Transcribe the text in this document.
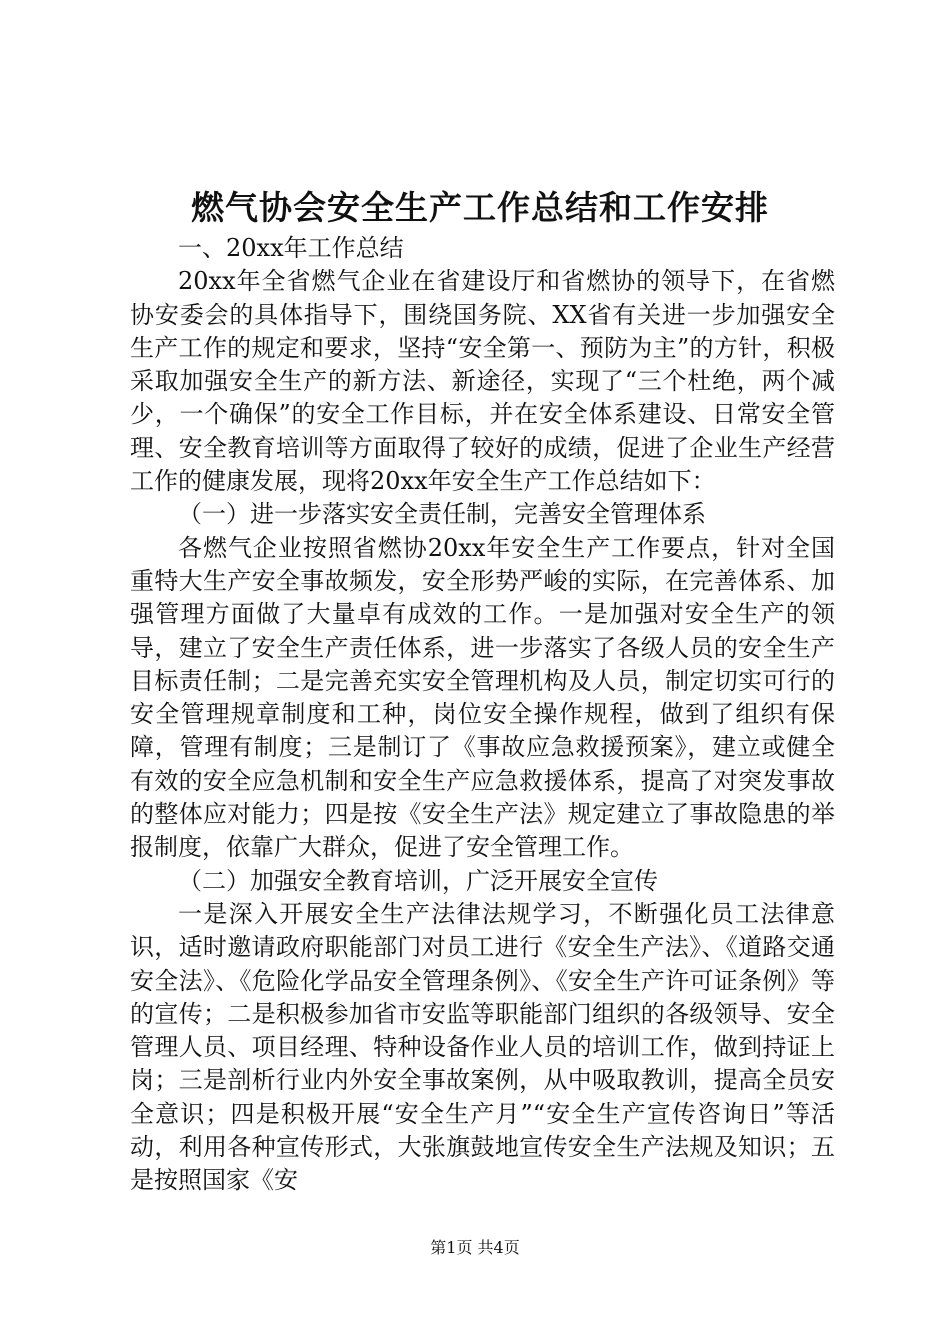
燃气协会安全生产工作总结和工作安排

一、20xx年工作总结

20xx年全省燃气企业在省建设厅和省燃协的领导下，在省燃协安委会的具体指导下，围绕国务院、XX省有关进一步加强安全生产工作的规定和要求，坚持“安全第一、预防为主”的方针，积极采取加强安全生产的新方法、新途径，实现了“三个杜绝，两个减少，一个确保”的安全工作目标，并在安全体系建设、日常安全管理、安全教育培训等方面取得了较好的成绩，促进了企业生产经营工作的健康发展，现将20xx年安全生产工作总结如下：

（一）进一步落实安全责任制，完善安全管理体系

各燃气企业按照省燃协20xx年安全生产工作要点，针对全国重特大生产安全事故频发，安全形势严峻的实际，在完善体系、加强管理方面做了大量卓有成效的工作。一是加强对安全生产的领导，建立了安全生产责任体系，进一步落实了各级人员的安全生产目标责任制；二是完善充实安全管理机构及人员，制定切实可行的安全管理规章制度和工种，岗位安全操作规程，做到了组织有保障，管理有制度；三是制订了《事故应急救援预案》，建立或健全有效的安全应急机制和安全生产应急救援体系，提高了对突发事故的整体应对能力；四是按《安全生产法》规定建立了事故隐患的举报制度，依靠广大群众，促进了安全管理工作。

（二）加强安全教育培训，广泛开展安全宣传

一是深入开展安全生产法律法规学习，不断强化员工法律意识，适时邀请政府职能部门对员工进行《安全生产法》、《道路交通安全法》、《危险化学品安全管理条例》、《安全生产许可证条例》等的宣传；二是积极参加省市安监等职能部门组织的各级领导、安全管理人员、项目经理、特种设备作业人员的培训工作，做到持证上岗；三是剖析行业内外安全事故案例，从中吸取教训，提高全员安全意识；四是积极开展“安全生产月”“安全生产宣传咨询日”等活动，利用各种宣传形式，大张旗鼓地宣传安全生产法规及知识；五是按照国家《安

第1页 共4页
